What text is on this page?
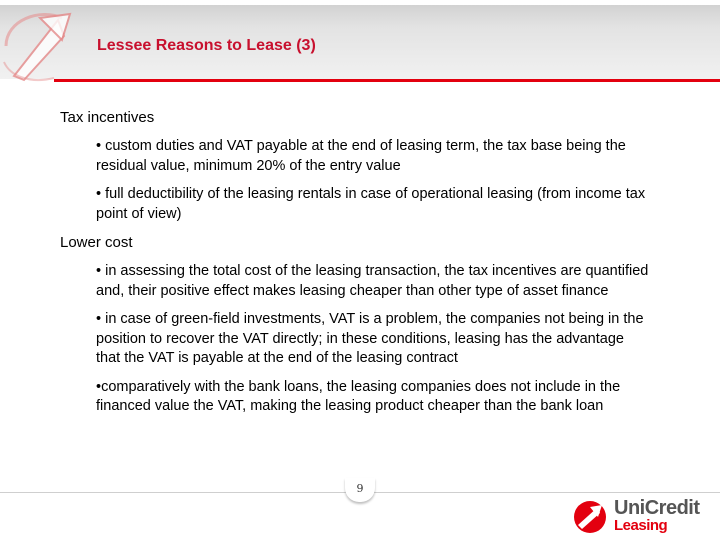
Lessee Reasons to Lease (3)

Tax incentives

• custom duties and VAT payable at the end of leasing term, the tax base being the residual value, minimum 20% of the entry value

• full deductibility of the leasing rentals in case of operational leasing (from income tax point of view)

Lower cost

• in assessing the total cost of the leasing transaction, the tax incentives are quantified and, their positive effect makes leasing cheaper than other type of asset finance

• in case of green-field investments, VAT is a problem, the companies not being in the position to recover the VAT directly; in these conditions, leasing has the advantage that the VAT is payable at the end of the leasing contract

•comparatively with the bank loans, the leasing companies does not include in the financed value the VAT, making the leasing product cheaper than the bank loan

9
UniCredit
Leasing
